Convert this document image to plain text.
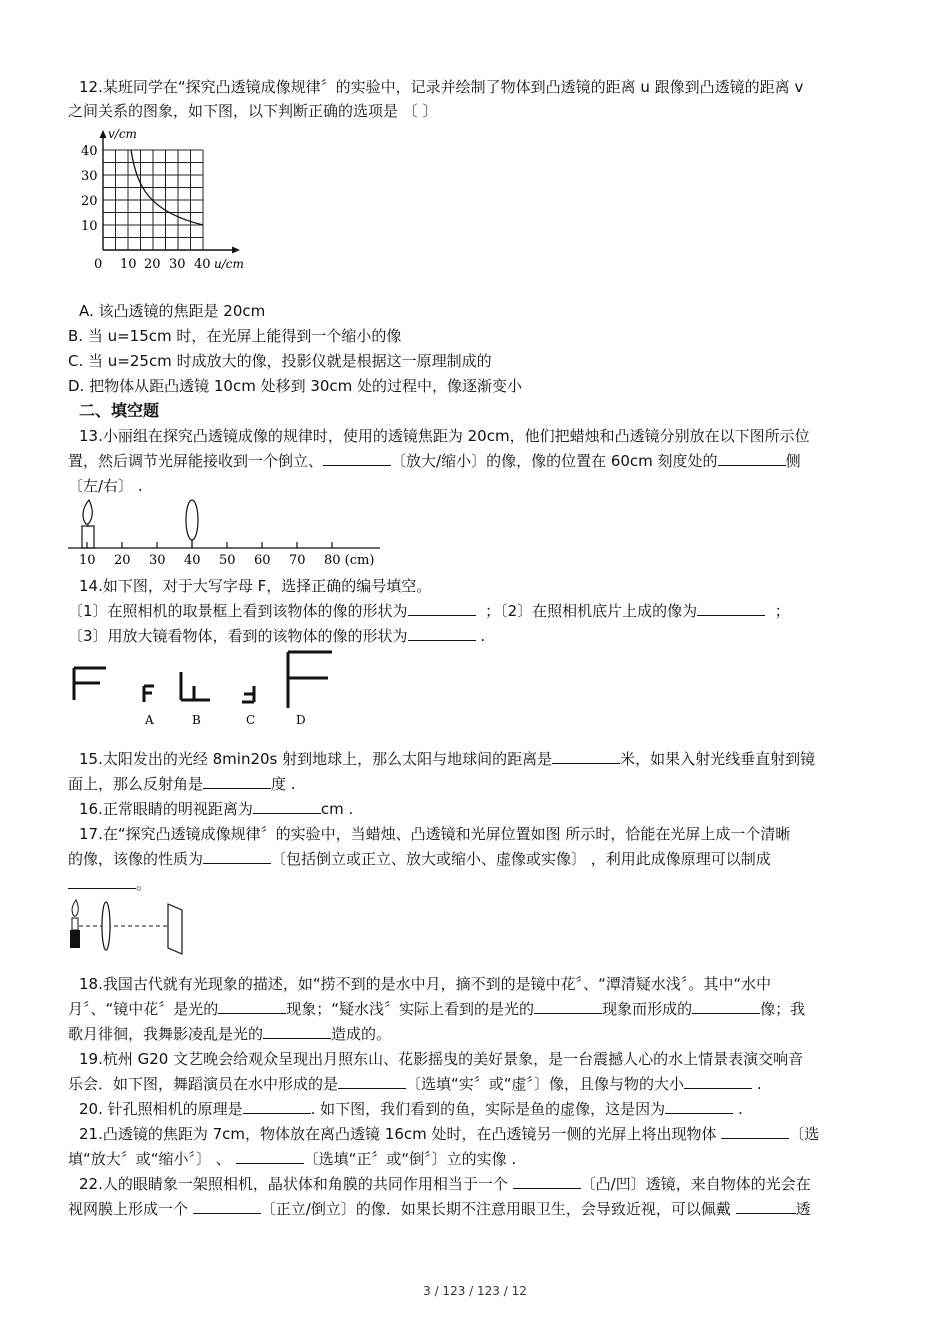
12.某班同学在“探究凸透镜成像规律〞的实验中，记录并绘制了物体到凸透镜的距离 u 跟像到凸透镜的距离 v
之间关系的图象，如下图，以下判断正确的选项是 〔 〕
v/cm
40
30
20
10
0 10 20 30 40 u/cm
A. 该凸透镜的焦距是 20cm
B. 当 u=15cm 时，在光屏上能得到一个缩小的像
C. 当 u=25cm 时成放大的像，投影仪就是根据这一原理制成的
D. 把物体从距凸透镜 10cm 处移到 30cm 处的过程中，像逐渐变小
二、填空题
13.小丽组在探究凸透镜成像的规律时，使用的透镜焦距为 20cm，他们把蜡烛和凸透镜分别放在以下图所示位
置，然后调节光屏能接收到一个倒立、	〔放大/缩小〕的像，像的位置在 60cm 刻度处的	侧
〔左/右〕 .
10 20 30 40 50 60 70 80 (cm)
14.如下图，对于大写字母 F，选择正确的编号填空。
〔1〕在照相机的取景框上看到该物体的像的形状为	；〔2〕在照相机底片上成的像为	；
〔3〕用放大镜看物体，看到的该物体的像的形状为	.
A	B	C	D
15.太阳发出的光经 8min20s 射到地球上，那么太阳与地球间的距离是	米，如果入射光线垂直射到镜
面上，那么反射角是	度 .
16.正常眼睛的明视距离为	cm .
17.在“探究凸透镜成像规律〞的实验中，当蜡烛、凸透镜和光屏位置如图 所示时，恰能在光屏上成一个清晰
的像，该像的性质为	〔包括倒立或正立、放大或缩小、虚像或实像〕 ，利用此成像原理可以制成
。
18.我国古代就有光现象的描述，如“捞不到的是水中月，摘不到的是镜中花〞、“潭清疑水浅〞。其中“水中
月〞、“镜中花〞是光的	现象；“疑水浅〞实际上看到的是光的	现象而形成的	像；我
歌月徘徊，我舞影凌乱是光的	造成的。
19.杭州 G20 文艺晚会给观众呈现出月照东山、花影摇曳的美好景象，是一台震撼人心的水上情景表演交响音
乐会．如下图，舞蹈演员在水中形成的是	〔选填“实〞或“虚〞〕像，且像与物的大小	.
20. 针孔照相机的原理是	. 如下图，我们看到的鱼，实际是鱼的虚像，这是因为	.
21.凸透镜的焦距为 7cm，物体放在离凸透镜 16cm 处时，在凸透镜另一侧的光屏上将出现物体	〔选
填“放大〞或“缩小〞〕 、	〔选填“正〞或“倒〞〕立的实像 .
22.人的眼睛象一架照相机，晶状体和角膜的共同作用相当于一个	〔凸/凹〕透镜，来自物体的光会在
视网膜上形成一个	〔正立/倒立〕的像．如果长期不注意用眼卫生，会导致近视，可以佩戴	透
3 / 123 / 123 / 12
